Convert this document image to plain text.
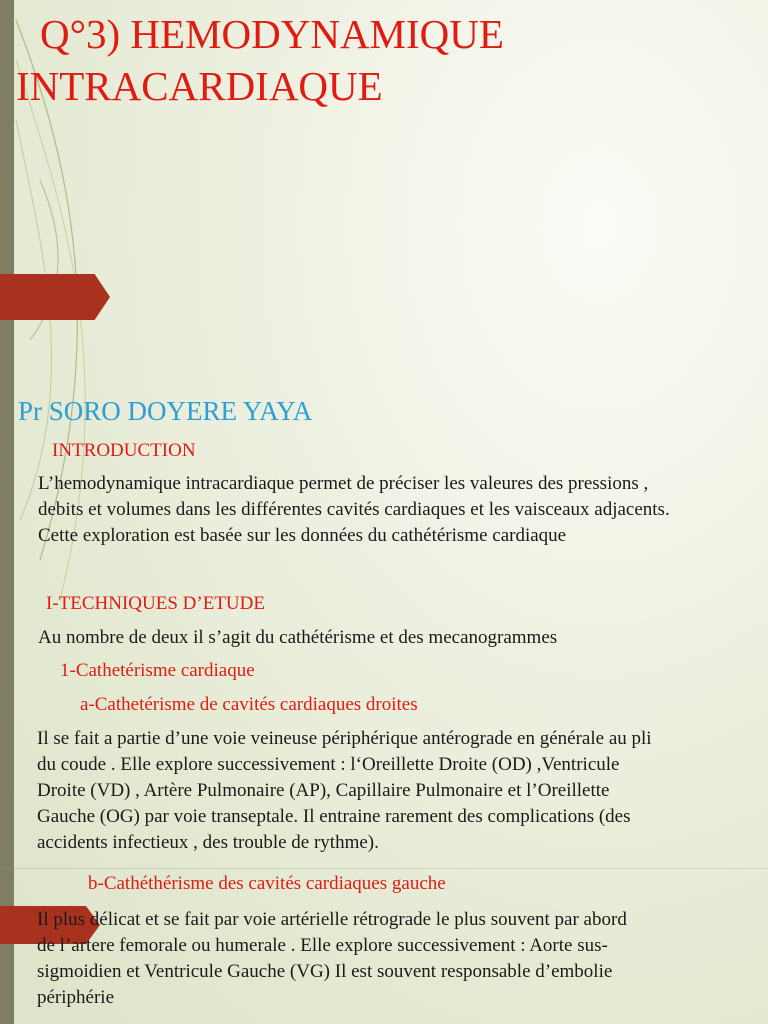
Q°3) HEMODYNAMIQUE
INTRACARDIAQUE
Pr SORO DOYERE YAYA
INTRODUCTION
L’hemodynamique intracardiaque permet de préciser les valeures des pressions ,
debits et volumes dans les différentes cavités cardiaques et les vaisceaux adjacents.
Cette exploration est basée sur les données du cathétérisme cardiaque
I-TECHNIQUES D’ETUDE
Au nombre de deux il s’agit du cathétérisme et des mecanogrammes
1-Cathetérisme cardiaque
a-Cathetérisme de cavités cardiaques droites
Il se fait a partie d’une voie veineuse périphérique antérograde en générale au pli
du coude . Elle explore successivement : l‘Oreillette Droite (OD) ,Ventricule
Droite (VD) , Artère Pulmonaire (AP), Capillaire Pulmonaire et l’Oreillette
Gauche (OG) par voie transeptale. Il entraine rarement des complications (des
accidents infectieux , des trouble de rythme).
b-Cathéthérisme des cavités cardiaques gauche
Il plus délicat et se fait par voie artérielle rétrograde le plus souvent par abord
de l’artere femorale ou humerale . Elle explore successivement : Aorte sus-
sigmoidien et Ventricule Gauche (VG) Il est souvent responsable d’embolie
périphérie
